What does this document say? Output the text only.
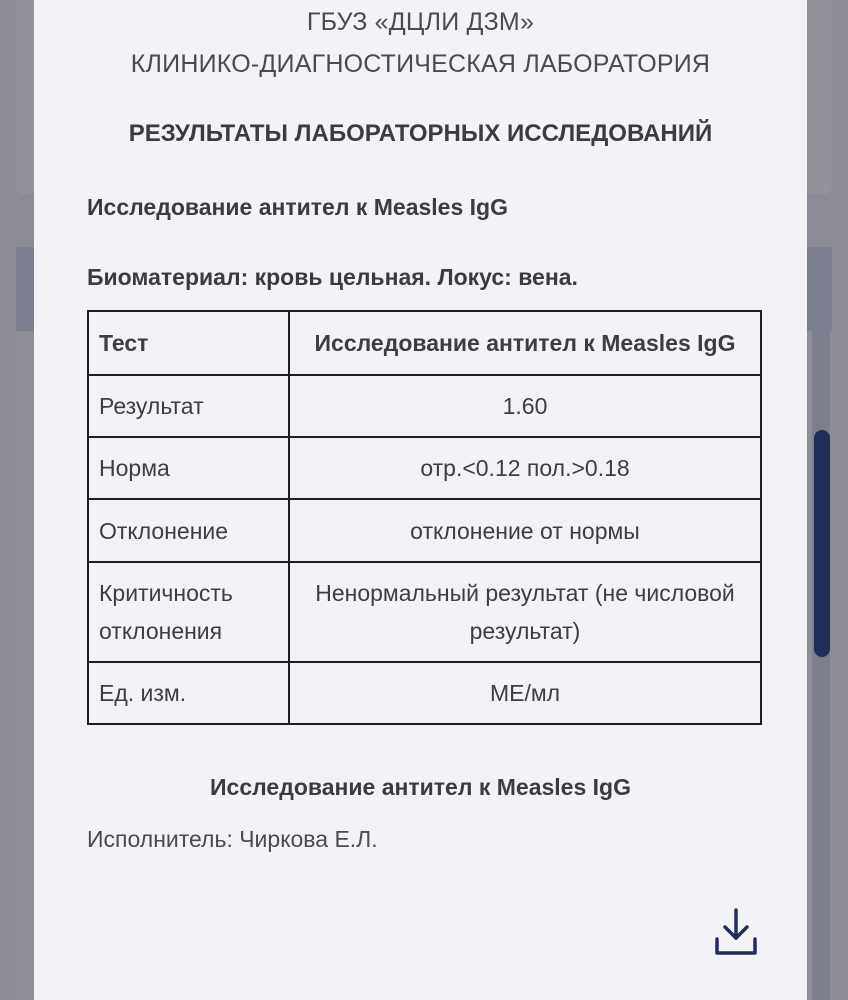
ГБУЗ «ДЦЛИ ДЗМ»
КЛИНИКО-ДИАГНОСТИЧЕСКАЯ ЛАБОРАТОРИЯ
РЕЗУЛЬТАТЫ ЛАБОРАТОРНЫХ ИССЛЕДОВАНИЙ
Исследование антител к Measles IgG
Биоматериал: кровь цельная. Локус: вена.
Тест	Исследование антител к Measles IgG
Результат	1.60
Норма	отр.<0.12 пол.>0.18
Отклонение	отклонение от нормы
Критичность отклонения	Ненормальный результат (не числовой результат)
Ед. изм.	МЕ/мл
Исследование антител к Measles IgG
Исполнитель: Чиркова Е.Л.
